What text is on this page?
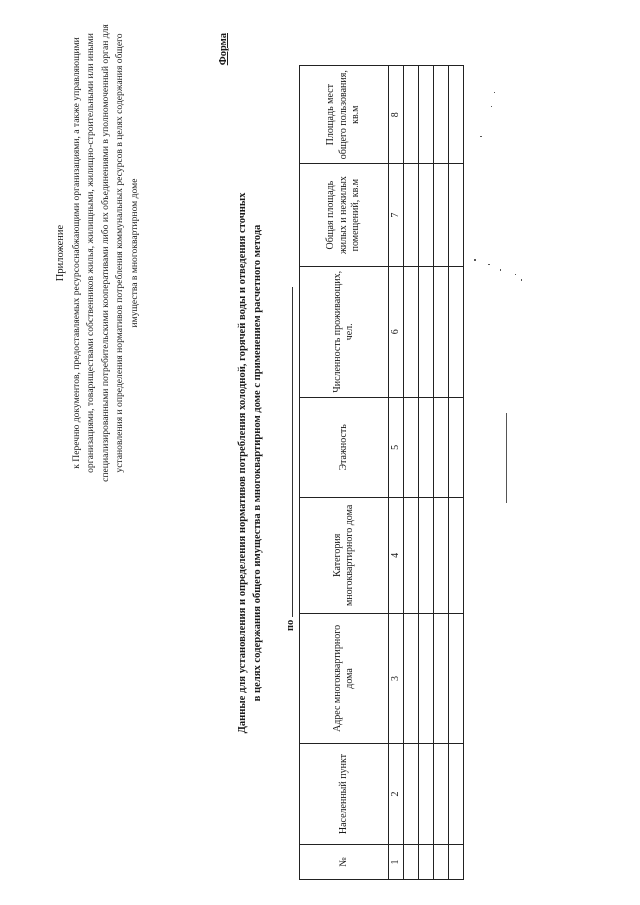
Приложение к Перечню документов, предоставляемых ресурсоснабжающими организациями, а также управляющими организациями, товариществами собственников жилья, жилищными, жилищно-строительными или иными специализированными потребительскими кооперативами либо их объединениями в уполномоченный орган для установления и определения нормативов потребления коммунальных ресурсов в целях содержания общего имущества в многоквартирном доме
Форма
Данные для установления и определения нормативов потребления холодной, горячей воды и отведения сточных в целях содержания общего имущества в многоквартирном доме с применением расчетного метода по
№	Населенный пункт	Адрес многоквартирного дома	Категория многоквартирного дома	Этажность	Численность проживающих, чел.	Общая площадь жилых и нежилых помещений, кв.м	Площадь мест общего пользования, кв.м
1	2	3	4	5	6	7	8
